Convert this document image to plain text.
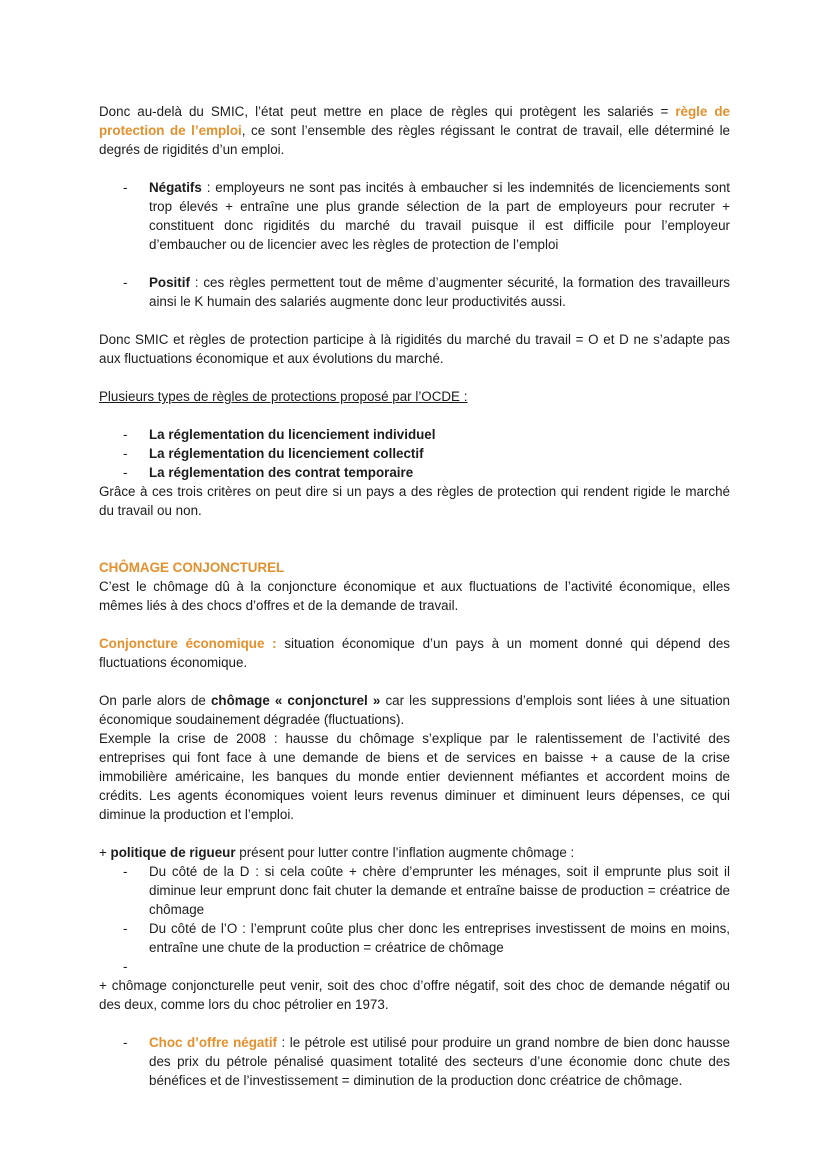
Donc au-delà du SMIC, l’état peut mettre en place de règles qui protègent les salariés = règle de protection de l’emploi, ce sont l’ensemble des règles régissant le contrat de travail, elle déterminé le degrés de rigidités d’un emploi.

- Négatifs : employeurs ne sont pas incités à embaucher si les indemnités de licenciements sont trop élevés + entraîne une plus grande sélection de la part de employeurs pour recruter + constituent donc rigidités du marché du travail puisque il est difficile pour l’employeur d’embaucher ou de licencier avec les règles de protection de l’emploi
- Positif : ces règles permettent tout de même d’augmenter sécurité, la formation des travailleurs ainsi le K humain des salariés augmente donc leur productivités aussi.

Donc SMIC et règles de protection participe à là rigidités du marché du travail = O et D ne s’adapte pas aux fluctuations économique et aux évolutions du marché.

Plusieurs types de règles de protections proposé par l’OCDE :

- La réglementation du licenciement individuel
- La réglementation du licenciement collectif
- La réglementation des contrat temporaire

Grâce à ces trois critères on peut dire si un pays a des règles de protection qui rendent rigide le marché du travail ou non.

CHÔMAGE CONJONCTUREL

C’est le chômage dû à la conjoncture économique et aux fluctuations de l’activité économique, elles mêmes liés à des chocs d’offres et de la demande de travail.

Conjoncture économique : situation économique d’un pays à un moment donné qui dépend des fluctuations économique.

On parle alors de chômage « conjoncturel » car les suppressions d’emplois sont liées à une situation économique soudainement dégradée (fluctuations).

Exemple la crise de 2008 : hausse du chômage s’explique par le ralentissement de l’activité des entreprises qui font face à une demande de biens et de services en baisse + a cause de la crise immobilière américaine, les banques du monde entier deviennent méfiantes et accordent moins de crédits. Les agents économiques voient leurs revenus diminuer et diminuent leurs dépenses, ce qui diminue la production et l’emploi.

+ politique de rigueur présent pour lutter contre l’inflation augmente chômage :

- Du côté de la D : si cela coûte + chère d’emprunter les ménages, soit il emprunte plus soit il diminue leur emprunt donc fait chuter la demande et entraîne baisse de production = créatrice de chômage
- Du côté de l’O : l’emprunt coûte plus cher donc les entreprises investissent de moins en moins, entraîne une chute de la production = créatrice de chômage
-

+ chômage conjoncturelle peut venir, soit des choc d’offre négatif, soit des choc de demande négatif ou des deux, comme lors du choc pétrolier en 1973.

- Choc d’offre négatif : le pétrole est utilisé pour produire un grand nombre de bien donc hausse des prix du pétrole pénalisé quasiment totalité des secteurs d’une économie donc chute des bénéfices et de l’investissement = diminution de la production donc créatrice de chômage.
